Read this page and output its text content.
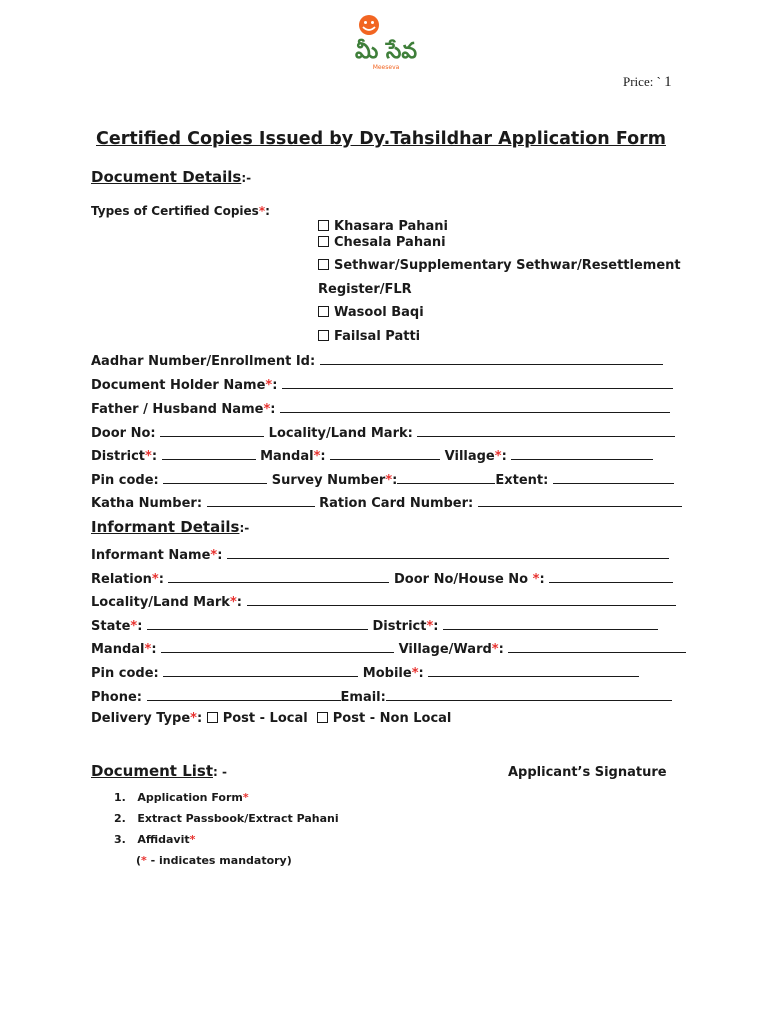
మీ సేవ
Meeseva
Price: ` 1
Certified Copies Issued by Dy.Tahsildhar Application Form
Document Details:-
Types of Certified Copies*:
Khasara Pahani
Chesala Pahani
Sethwar/Supplementary Sethwar/Resettlement
Register/FLR
Wasool Baqi
Failsal Patti
Aadhar Number/Enrollment Id:
Document Holder Name*:
Father / Husband Name*:
Door No:	Locality/Land Mark:
District*:	Mandal*:	Village*:
Pin code:	Survey Number*:	Extent:
Katha Number:	Ration Card Number:
Informant Details:-
Informant Name*:
Relation*:	Door No/House No *:
Locality/Land Mark*:
State*:	District*:
Mandal*:	Village/Ward*:
Pin code:	Mobile*:
Phone:	Email:
Delivery Type*: Post - Local Post - Non Local
Document List: -	Applicant’s Signature
1.   Application Form*
2.   Extract Passbook/Extract Pahani
3.   Affidavit*
(* - indicates mandatory)
